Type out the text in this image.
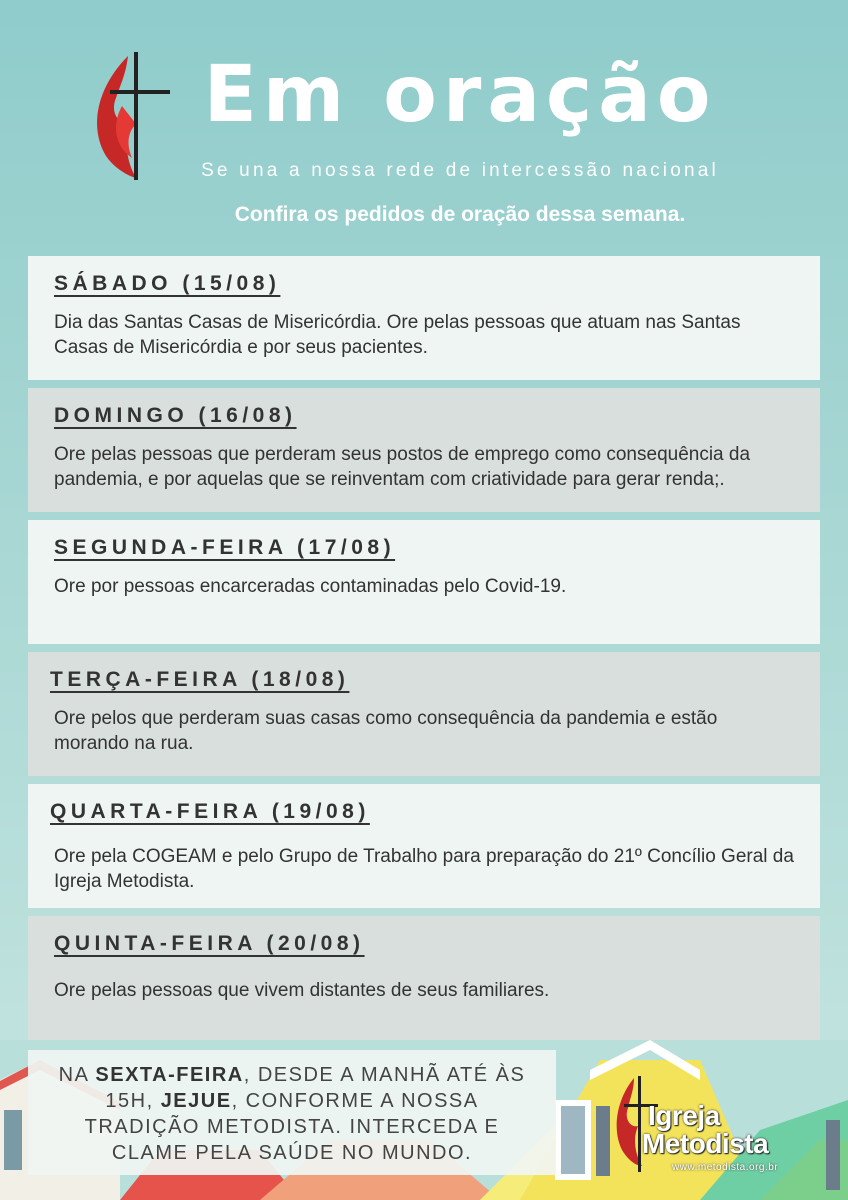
Em oração
Se una a nossa rede de intercessão nacional
Confira os pedidos de oração dessa semana.
SÁBADO (15/08)

Dia das Santas Casas de Misericórdia. Ore pelas pessoas que atuam nas Santas Casas de Misericórdia e por seus pacientes.

DOMINGO (16/08)

Ore pelas pessoas que perderam seus postos de emprego como consequência da pandemia, e por aquelas que se reinventam com criatividade para gerar renda;.

SEGUNDA-FEIRA (17/08)

Ore por pessoas encarceradas contaminadas pelo Covid-19.

TERÇA-FEIRA (18/08)

Ore pelos que perderam suas casas como consequência da pandemia e estão morando na rua.

QUARTA-FEIRA (19/08)

Ore pela COGEAM e pelo Grupo de Trabalho para preparação do 21º Concílio Geral da Igreja Metodista.

QUINTA-FEIRA (20/08)

Ore pelas pessoas que vivem distantes de seus familiares.

NA SEXTA-FEIRA, DESDE A MANHÃ ATÉ ÀS 15H, JEJUE, CONFORME A NOSSA TRADIÇÃO METODISTA. INTERCEDA E CLAME PELA SAÚDE NO MUNDO.
Igreja
Metodista
www.metodista.org.br
